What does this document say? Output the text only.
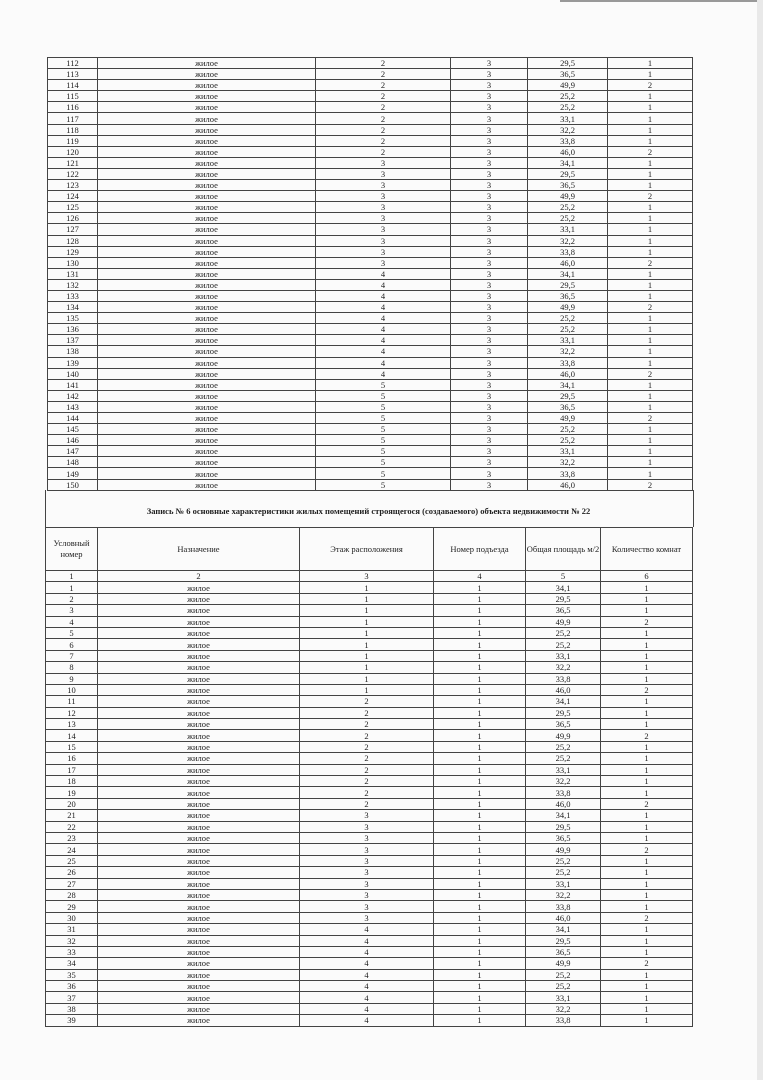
112	жилое	2	3	29,5	1
113	жилое	2	3	36,5	1
114	жилое	2	3	49,9	2
115	жилое	2	3	25,2	1
116	жилое	2	3	25,2	1
117	жилое	2	3	33,1	1
118	жилое	2	3	32,2	1
119	жилое	2	3	33,8	1
120	жилое	2	3	46,0	2
121	жилое	3	3	34,1	1
122	жилое	3	3	29,5	1
123	жилое	3	3	36,5	1
124	жилое	3	3	49,9	2
125	жилое	3	3	25,2	1
126	жилое	3	3	25,2	1
127	жилое	3	3	33,1	1
128	жилое	3	3	32,2	1
129	жилое	3	3	33,8	1
130	жилое	3	3	46,0	2
131	жилое	4	3	34,1	1
132	жилое	4	3	29,5	1
133	жилое	4	3	36,5	1
134	жилое	4	3	49,9	2
135	жилое	4	3	25,2	1
136	жилое	4	3	25,2	1
137	жилое	4	3	33,1	1
138	жилое	4	3	32,2	1
139	жилое	4	3	33,8	1
140	жилое	4	3	46,0	2
141	жилое	5	3	34,1	1
142	жилое	5	3	29,5	1
143	жилое	5	3	36,5	1
144	жилое	5	3	49,9	2
145	жилое	5	3	25,2	1
146	жилое	5	3	25,2	1
147	жилое	5	3	33,1	1
148	жилое	5	3	32,2	1
149	жилое	5	3	33,8	1
150	жилое	5	3	46,0	2
Запись № 6 основные характеристики жилых помещений строящегося (создаваемого) объекта недвижимости № 22
Условный номер	Назначение	Этаж расположения	Номер подъезда	Общая площадь м/2	Количество комнат
1	2	3	4	5	6
1	жилое	1	1	34,1	1
2	жилое	1	1	29,5	1
3	жилое	1	1	36,5	1
4	жилое	1	1	49,9	2
5	жилое	1	1	25,2	1
6	жилое	1	1	25,2	1
7	жилое	1	1	33,1	1
8	жилое	1	1	32,2	1
9	жилое	1	1	33,8	1
10	жилое	1	1	46,0	2
11	жилое	2	1	34,1	1
12	жилое	2	1	29,5	1
13	жилое	2	1	36,5	1
14	жилое	2	1	49,9	2
15	жилое	2	1	25,2	1
16	жилое	2	1	25,2	1
17	жилое	2	1	33,1	1
18	жилое	2	1	32,2	1
19	жилое	2	1	33,8	1
20	жилое	2	1	46,0	2
21	жилое	3	1	34,1	1
22	жилое	3	1	29,5	1
23	жилое	3	1	36,5	1
24	жилое	3	1	49,9	2
25	жилое	3	1	25,2	1
26	жилое	3	1	25,2	1
27	жилое	3	1	33,1	1
28	жилое	3	1	32,2	1
29	жилое	3	1	33,8	1
30	жилое	3	1	46,0	2
31	жилое	4	1	34,1	1
32	жилое	4	1	29,5	1
33	жилое	4	1	36,5	1
34	жилое	4	1	49,9	2
35	жилое	4	1	25,2	1
36	жилое	4	1	25,2	1
37	жилое	4	1	33,1	1
38	жилое	4	1	32,2	1
39	жилое	4	1	33,8	1
